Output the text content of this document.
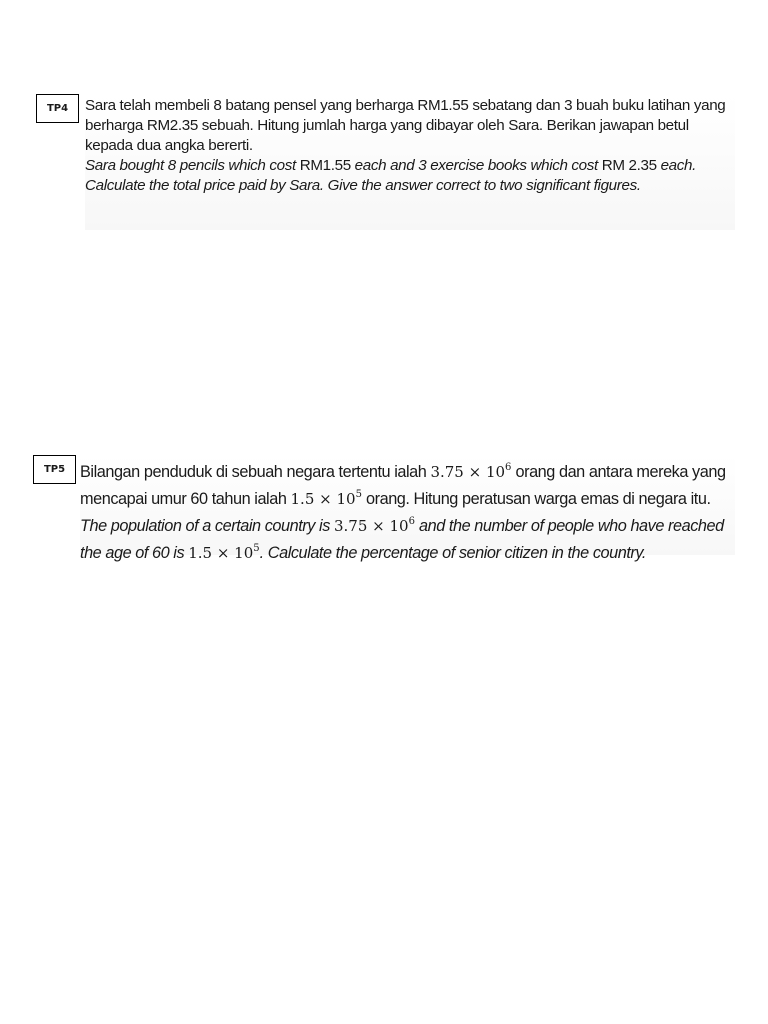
TP4 Sara telah membeli 8 batang pensel yang berharga RM1.55 sebatang dan 3 buah buku latihan yang berharga RM2.35 sebuah. Hitung jumlah harga yang dibayar oleh Sara. Berikan jawapan betul kepada dua angka bererti.
Sara bought 8 pencils which cost RM1.55 each and 3 exercise books which cost RM 2.35 each. Calculate the total price paid by Sara. Give the answer correct to two significant figures.

TP5 Bilangan penduduk di sebuah negara tertentu ialah $3.75 \times 10^6$ orang dan antara mereka yang mencapai umur 60 tahun ialah $1.5 \times 10^5$ orang. Hitung peratusan warga emas di negara itu.
The population of a certain country is $3.75 \times 10^6$ and the number of people who have reached the age of 60 is $1.5 \times 10^5$. Calculate the percentage of senior citizen in the country.
